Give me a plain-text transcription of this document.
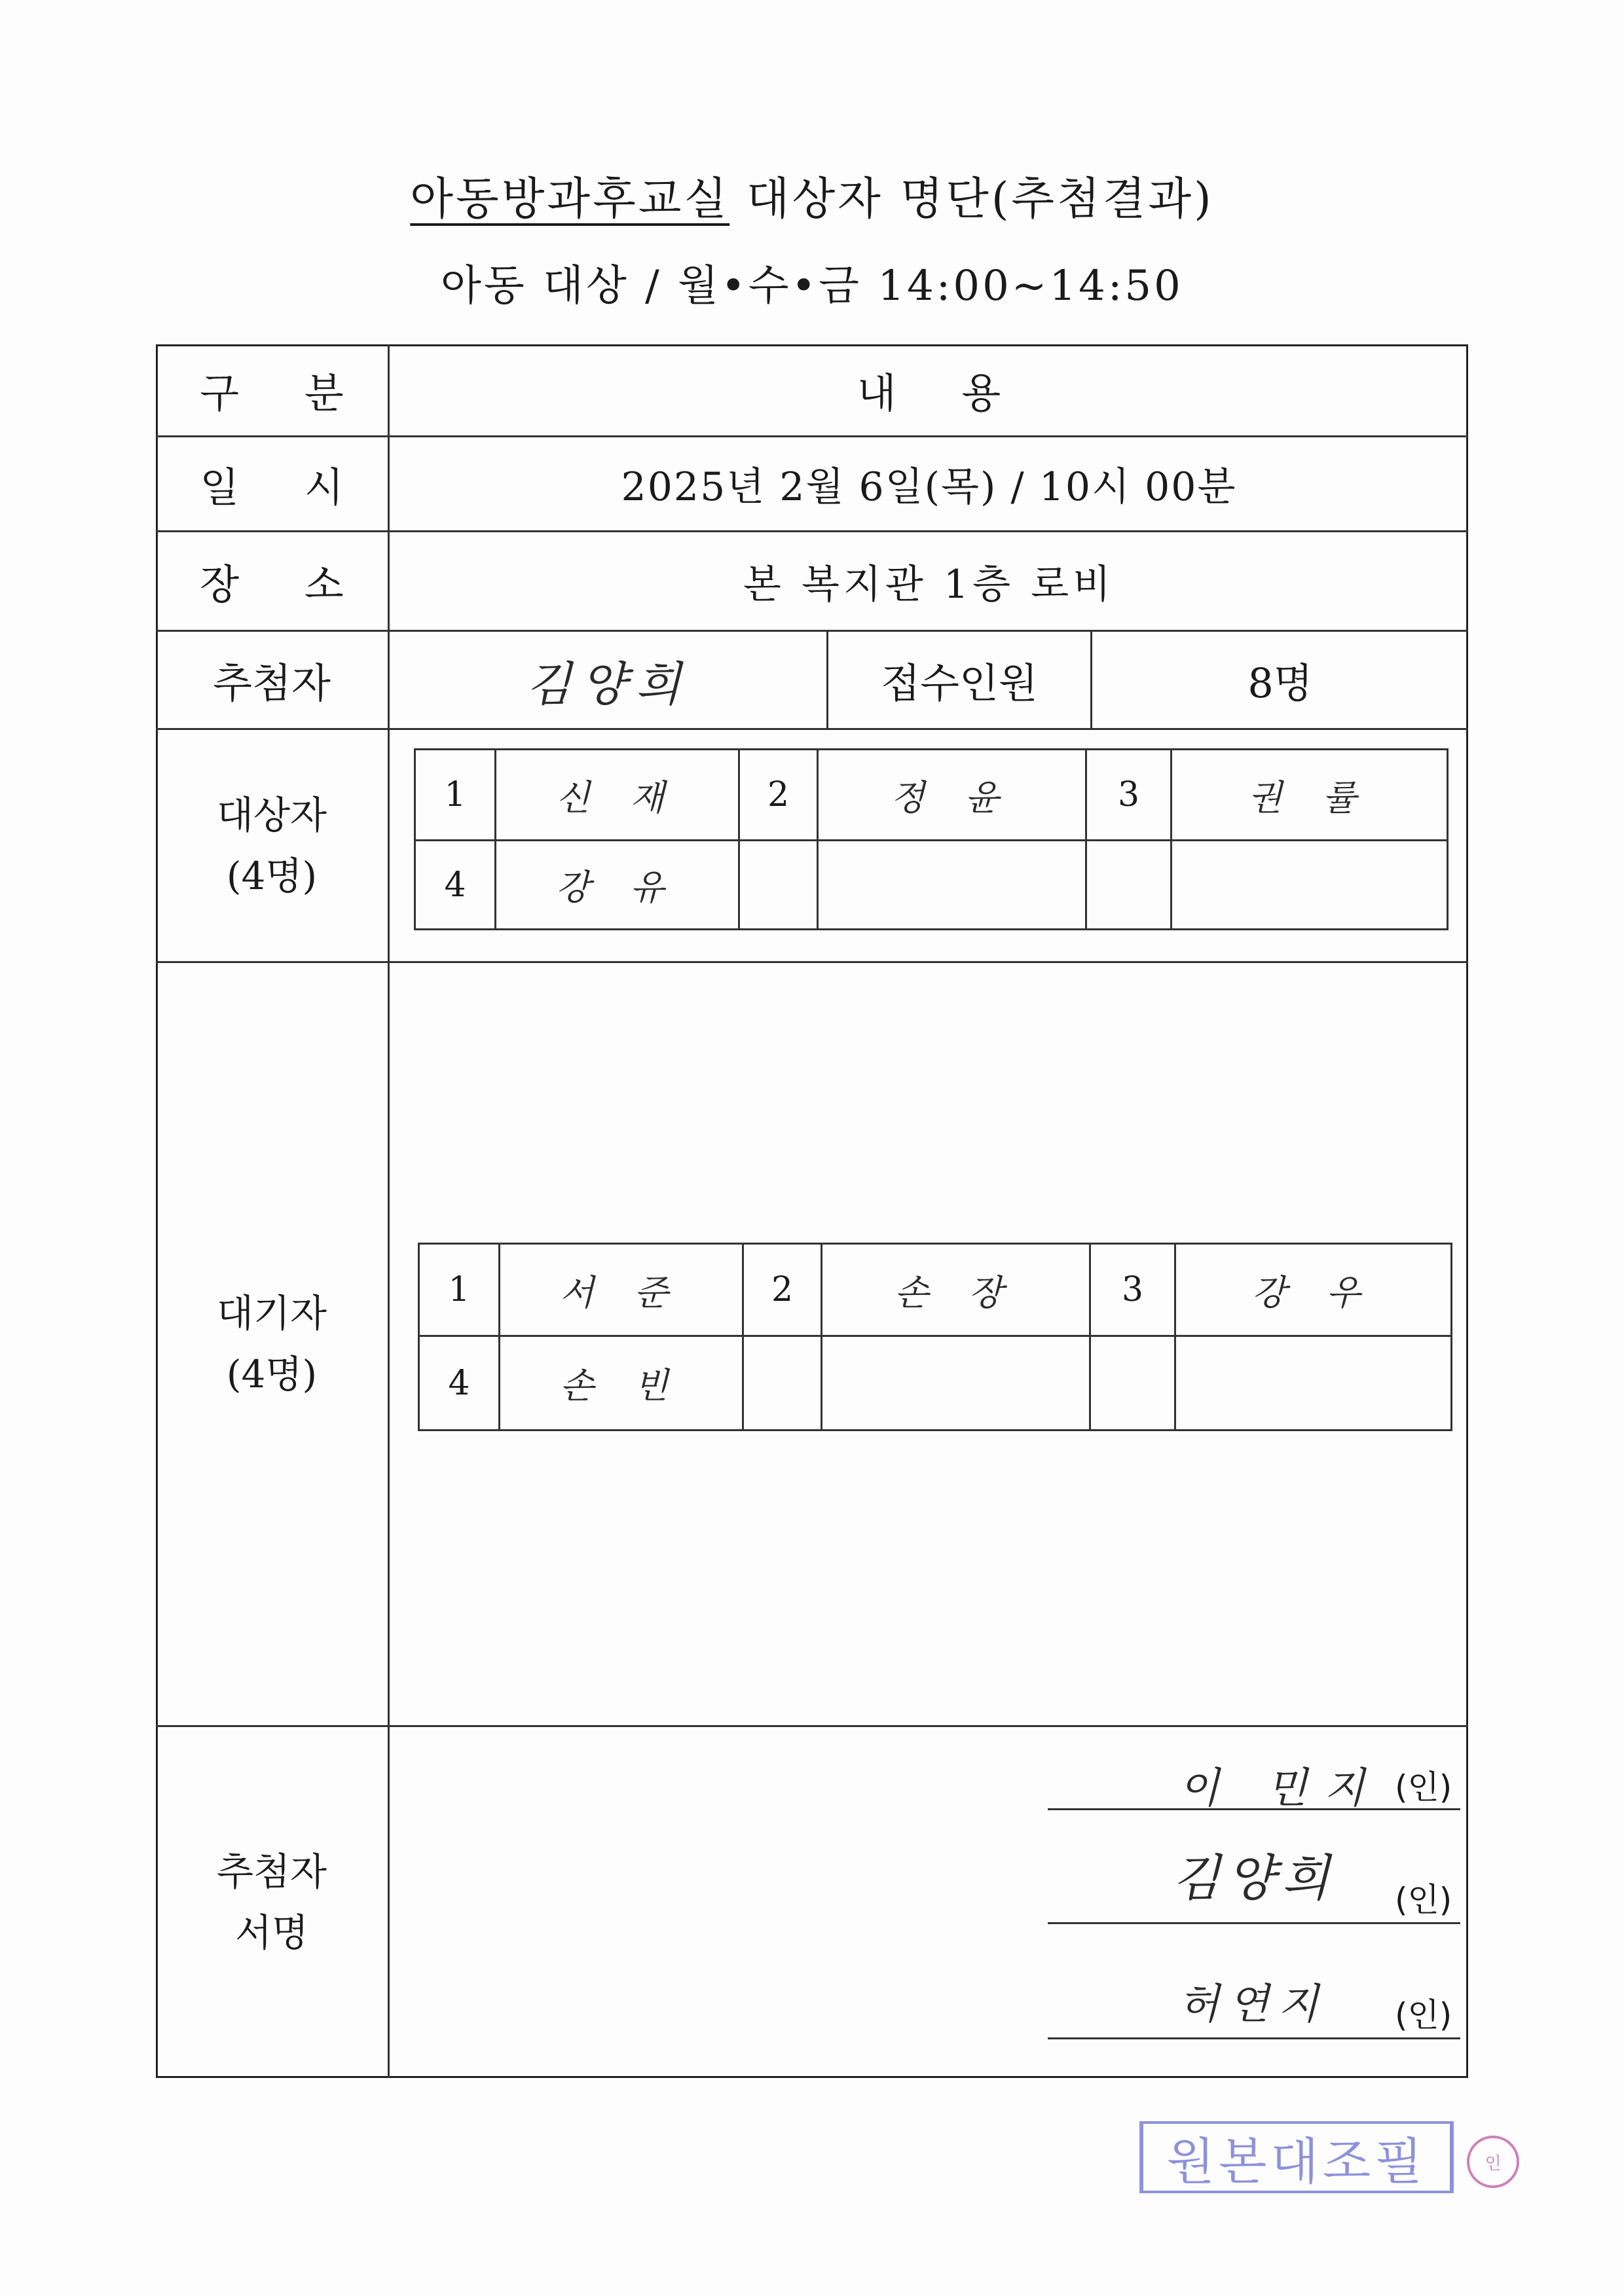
아동방과후교실 대상자 명단(추첨결과)
아동 대상 / 월•수•금 14:00~14:50
구 분	내 용
일 시	2025년 2월 6일(목) / 10시 00분
장 소	본 복지관 1층 로비
추첨자	김양희	접수인원	8명
대상자
(4명)
1	신 재	2	정 윤	3	권 률
4	강 유
대기자
(4명)
1	서 준	2	손 장	3	강 우
4	손 빈
추첨자
서명
이 민지 (인)
김양희	(인)
허연지	(인)
원본대조필	인
